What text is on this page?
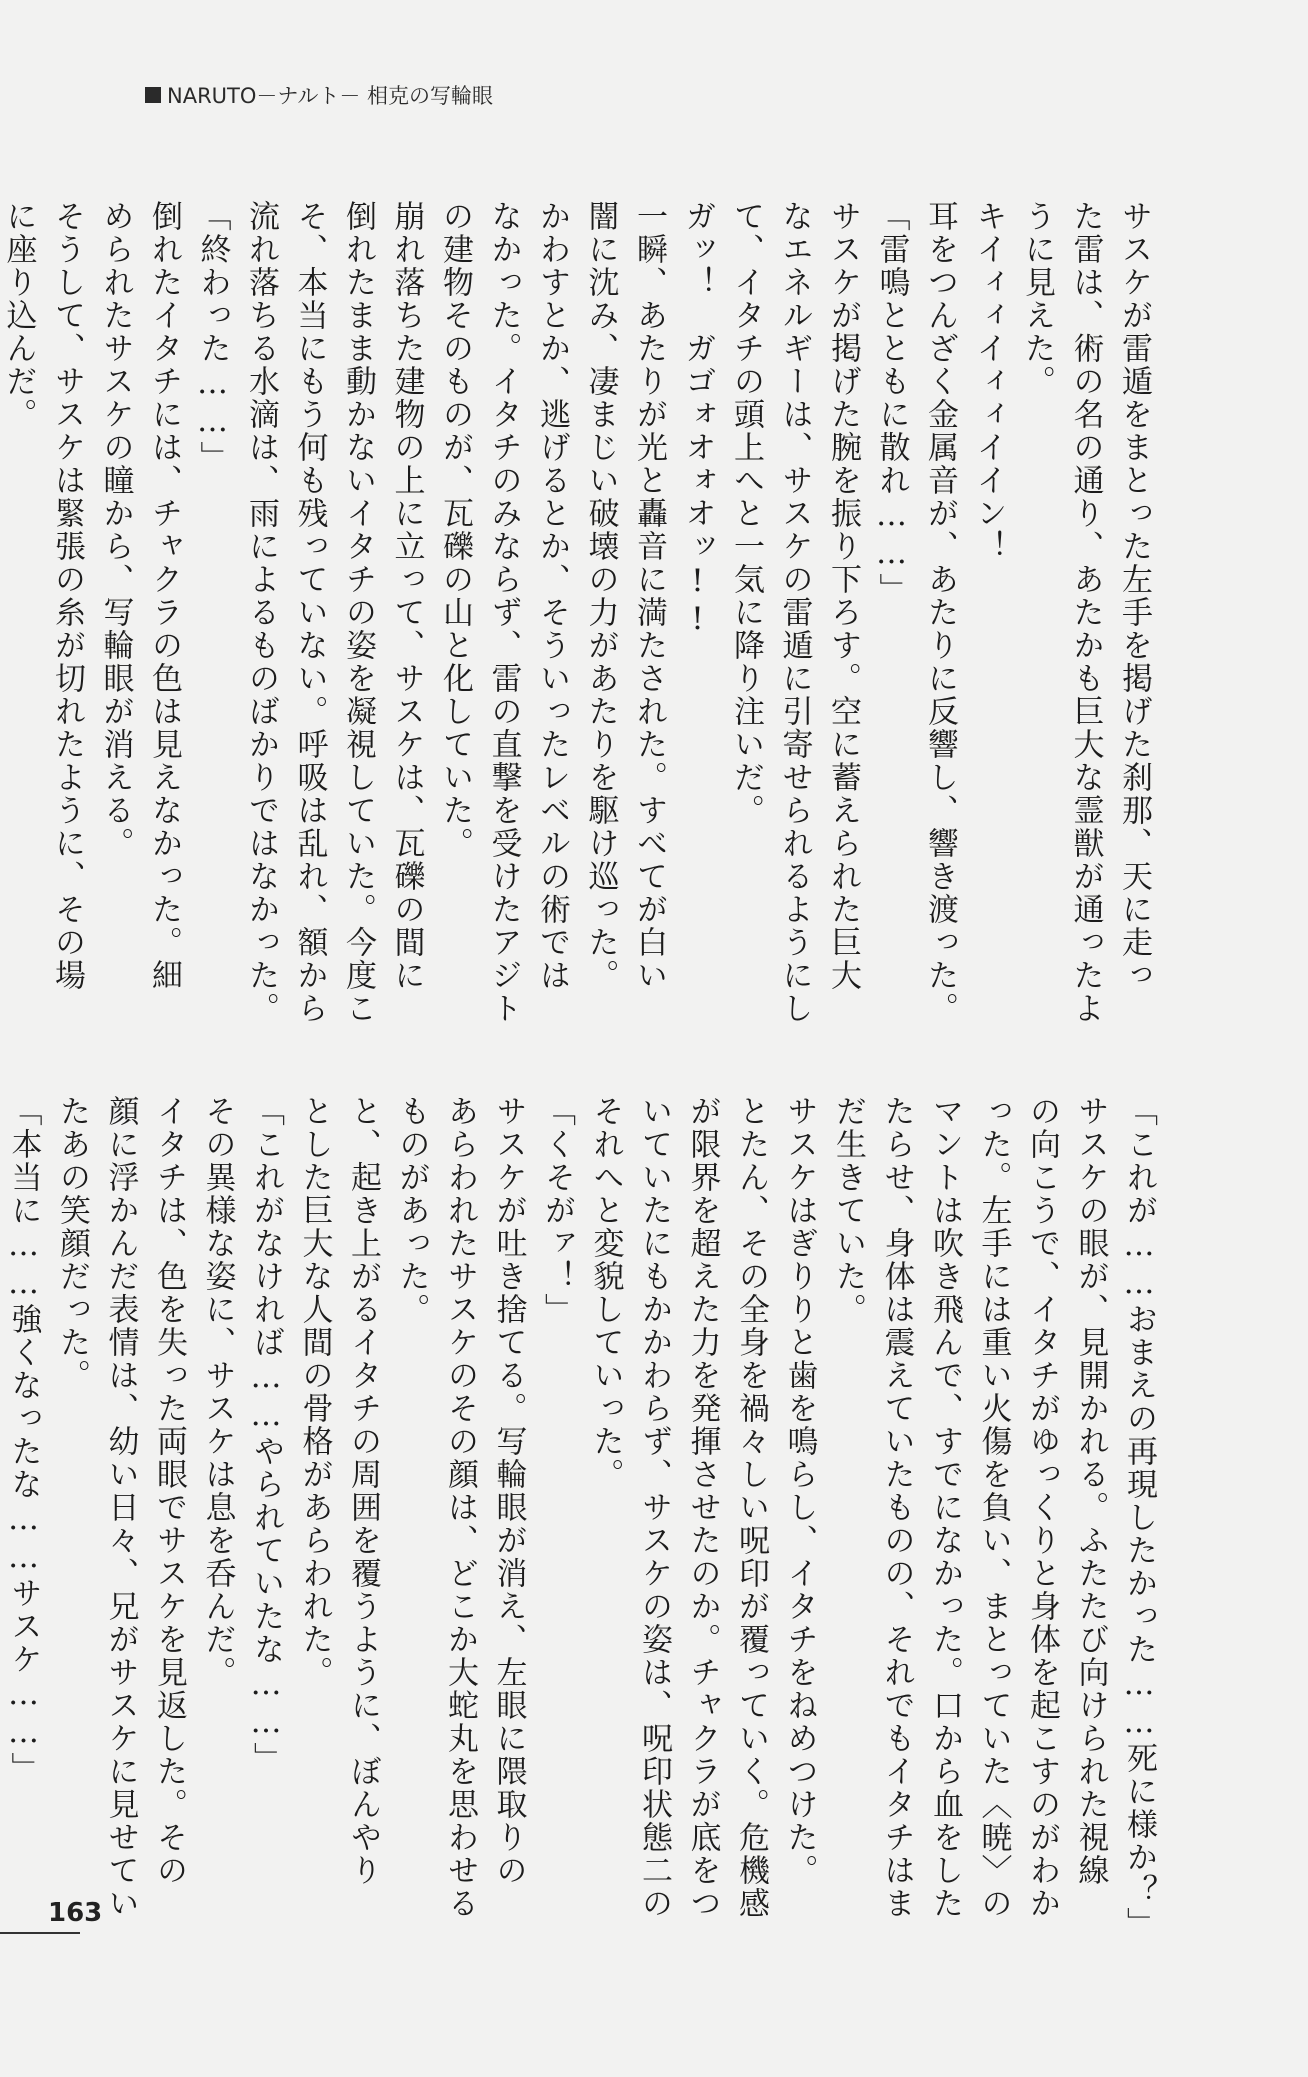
NARUTO－ナルト－ 相克の写輪眼

サスケが雷遁をまとった左手を掲げた刹那、天に走っ

た雷は、術の名の通り、あたかも巨大な霊獣が通ったよ

うに見えた。

キイィィイィィイイン！

耳をつんざく金属音が、あたりに反響し、響き渡った。

「雷鳴とともに散れ……」

サスケが掲げた腕を振り下ろす。空に蓄えられた巨大

なエネルギーは、サスケの雷遁に引寄せられるようにし

て、イタチの頭上へと一気に降り注いだ。

ガッ！　ガゴォオォオッ!!

一瞬、あたりが光と轟音に満たされた。すべてが白い

闇に沈み、凄まじい破壊の力があたりを駆け巡った。

かわすとか、逃げるとか、そういったレベルの術では

なかった。イタチのみならず、雷の直撃を受けたアジト

の建物そのものが、瓦礫の山と化していた。

崩れ落ちた建物の上に立って、サスケは、瓦礫の間に

倒れたまま動かないイタチの姿を凝視していた。今度こ

そ、本当にもう何も残っていない。呼吸は乱れ、額から

流れ落ちる水滴は、雨によるものばかりではなかった。

「終わった……」

倒れたイタチには、チャクラの色は見えなかった。細

められたサスケの瞳から、写輪眼が消える。

そうして、サスケは緊張の糸が切れたように、その場

に座り込んだ。

「これが……おまえの再現したかった……死に様か？」

サスケの眼が、見開かれる。ふたたび向けられた視線

の向こうで、イタチがゆっくりと身体を起こすのがわか

った。左手には重い火傷を負い、まとっていた〈暁〉の

マントは吹き飛んで、すでになかった。口から血をした

たらせ、身体は震えていたものの、それでもイタチはま

だ生きていた。

サスケはぎりりと歯を鳴らし、イタチをねめつけた。

とたん、その全身を禍々しい呪印が覆っていく。危機感

が限界を超えた力を発揮させたのか。チャクラが底をつ

いていたにもかかわらず、サスケの姿は、呪印状態二の

それへと変貌していった。

「くそがァ！」

サスケが吐き捨てる。写輪眼が消え、左眼に隈取りの

あらわれたサスケのその顔は、どこか大蛇丸を思わせる

ものがあった。

と、起き上がるイタチの周囲を覆うように、ぼんやり

とした巨大な人間の骨格があらわれた。

「これがなければ……やられていたな……」

その異様な姿に、サスケは息を呑んだ。

イタチは、色を失った両眼でサスケを見返した。その

顔に浮かんだ表情は、幼い日々、兄がサスケに見せてい

たあの笑顔だった。

「本当に……強くなったな……サスケ……」

163
